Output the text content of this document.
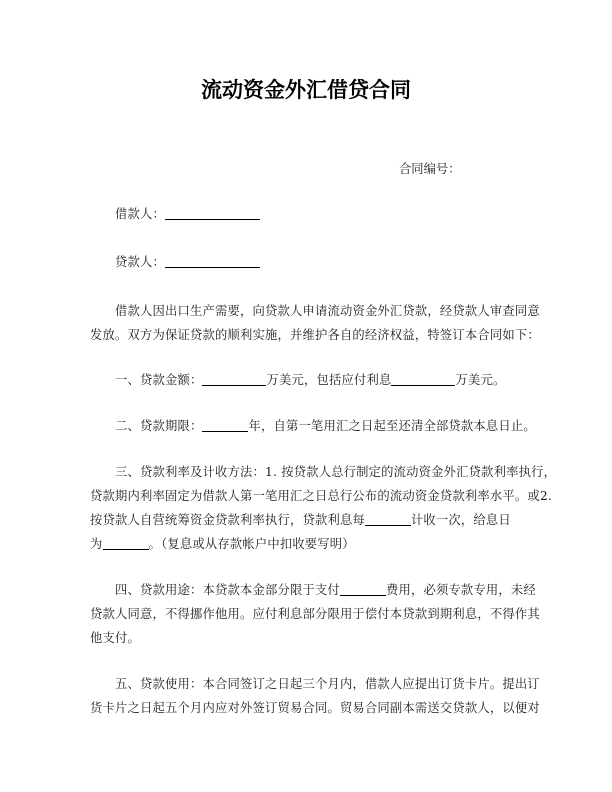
流动资金外汇借贷合同
合同编号：
借款人：
贷款人：
借款人因出口生产需要，向贷款人申请流动资金外汇贷款，经贷款人审查同意
发放。双方为保证贷款的顺利实施，并维护各自的经济权益，特签订本合同如下：
一、贷款金额：	万美元，包括应付利息	万美元。
二、贷款期限：	年，自第一笔用汇之日起至还清全部贷款本息日止。
三、贷款利率及计收方法：1. 按贷款人总行制定的流动资金外汇贷款利率执行，
贷款期内利率固定为借款人第一笔用汇之日总行公布的流动资金贷款利率水平。或2.
按贷款人自营统筹资金贷款利率执行，贷款利息每	计收一次，给息日
为	。（复息或从存款帐户中扣收要写明）
四、贷款用途：本贷款本金部分限于支付	费用，必须专款专用，未经
贷款人同意，不得挪作他用。应付利息部分限用于偿付本贷款到期利息，不得作其
他支付。
五、贷款使用：本合同签订之日起三个月内，借款人应提出订货卡片。提出订
货卡片之日起五个月内应对外签订贸易合同。贸易合同副本需送交贷款人，以便对
